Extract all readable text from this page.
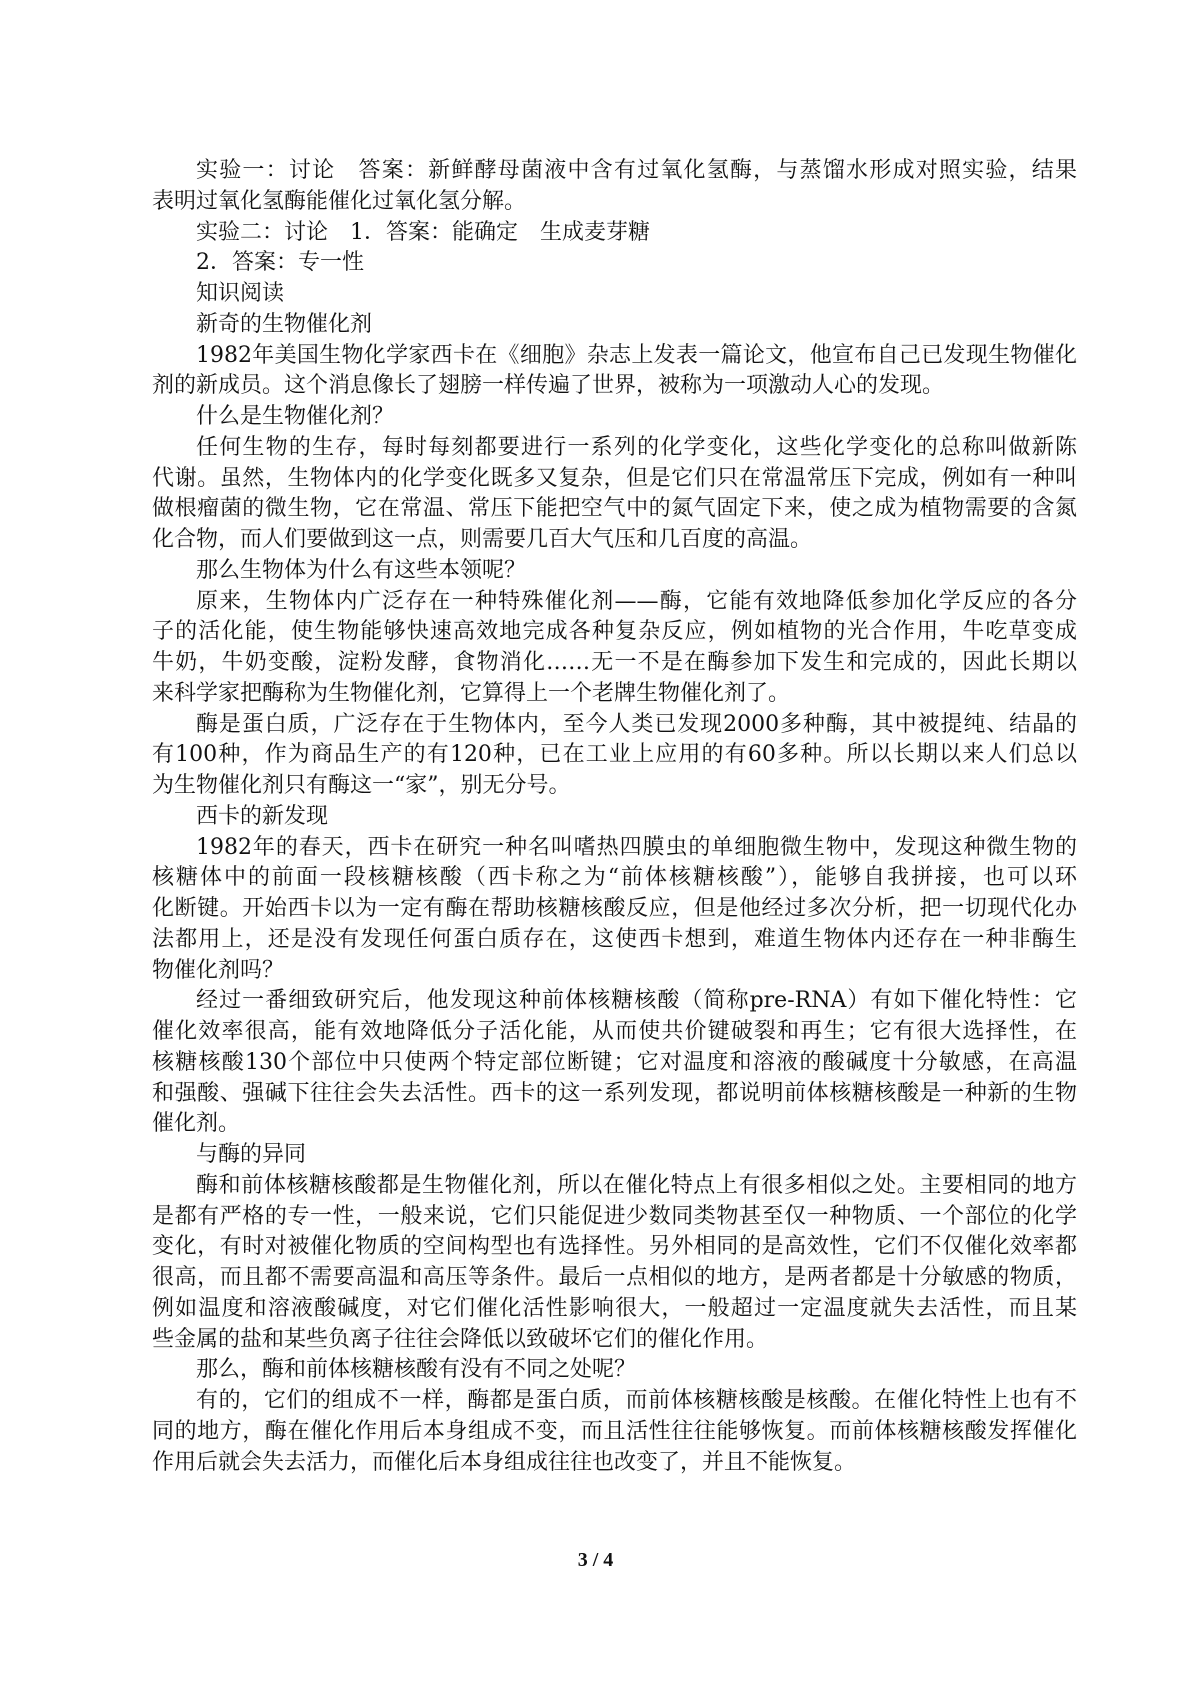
实验一：讨论　答案：新鲜酵母菌液中含有过氧化氢酶，与蒸馏水形成对照实验，结果
表明过氧化氢酶能催化过氧化氢分解。
实验二：讨论　1．答案：能确定　生成麦芽糖
2．答案：专一性
知识阅读
新奇的生物催化剂
1982年美国生物化学家西卡在《细胞》杂志上发表一篇论文，他宣布自己已发现生物催化
剂的新成员。这个消息像长了翅膀一样传遍了世界，被称为一项激动人心的发现。
什么是生物催化剂？
任何生物的生存，每时每刻都要进行一系列的化学变化，这些化学变化的总称叫做新陈
代谢。虽然，生物体内的化学变化既多又复杂，但是它们只在常温常压下完成，例如有一种叫
做根瘤菌的微生物，它在常温、常压下能把空气中的氮气固定下来，使之成为植物需要的含氮
化合物，而人们要做到这一点，则需要几百大气压和几百度的高温。
那么生物体为什么有这些本领呢？
原来，生物体内广泛存在一种特殊催化剂——酶，它能有效地降低参加化学反应的各分
子的活化能，使生物能够快速高效地完成各种复杂反应，例如植物的光合作用，牛吃草变成
牛奶，牛奶变酸，淀粉发酵，食物消化……无一不是在酶参加下发生和完成的，因此长期以
来科学家把酶称为生物催化剂，它算得上一个老牌生物催化剂了。
酶是蛋白质，广泛存在于生物体内，至今人类已发现2000多种酶，其中被提纯、结晶的
有100种，作为商品生产的有120种，已在工业上应用的有60多种。所以长期以来人们总以
为生物催化剂只有酶这一“家”，别无分号。
西卡的新发现
1982年的春天，西卡在研究一种名叫嗜热四膜虫的单细胞微生物中，发现这种微生物的
核糖体中的前面一段核糖核酸（西卡称之为“前体核糖核酸”），能够自我拼接，也可以环
化断键。开始西卡以为一定有酶在帮助核糖核酸反应，但是他经过多次分析，把一切现代化办
法都用上，还是没有发现任何蛋白质存在，这使西卡想到，难道生物体内还存在一种非酶生
物催化剂吗？
经过一番细致研究后，他发现这种前体核糖核酸（简称pre-RNA）有如下催化特性：它
催化效率很高，能有效地降低分子活化能，从而使共价键破裂和再生；它有很大选择性，在
核糖核酸130个部位中只使两个特定部位断键；它对温度和溶液的酸碱度十分敏感，在高温
和强酸、强碱下往往会失去活性。西卡的这一系列发现，都说明前体核糖核酸是一种新的生物
催化剂。
与酶的异同
酶和前体核糖核酸都是生物催化剂，所以在催化特点上有很多相似之处。主要相同的地方
是都有严格的专一性，一般来说，它们只能促进少数同类物甚至仅一种物质、一个部位的化学
变化，有时对被催化物质的空间构型也有选择性。另外相同的是高效性，它们不仅催化效率都
很高，而且都不需要高温和高压等条件。最后一点相似的地方，是两者都是十分敏感的物质，
例如温度和溶液酸碱度，对它们催化活性影响很大，一般超过一定温度就失去活性，而且某
些金属的盐和某些负离子往往会降低以致破坏它们的催化作用。
那么，酶和前体核糖核酸有没有不同之处呢？
有的，它们的组成不一样，酶都是蛋白质，而前体核糖核酸是核酸。在催化特性上也有不
同的地方，酶在催化作用后本身组成不变，而且活性往往能够恢复。而前体核糖核酸发挥催化
作用后就会失去活力，而催化后本身组成往往也改变了，并且不能恢复。
3 / 4
